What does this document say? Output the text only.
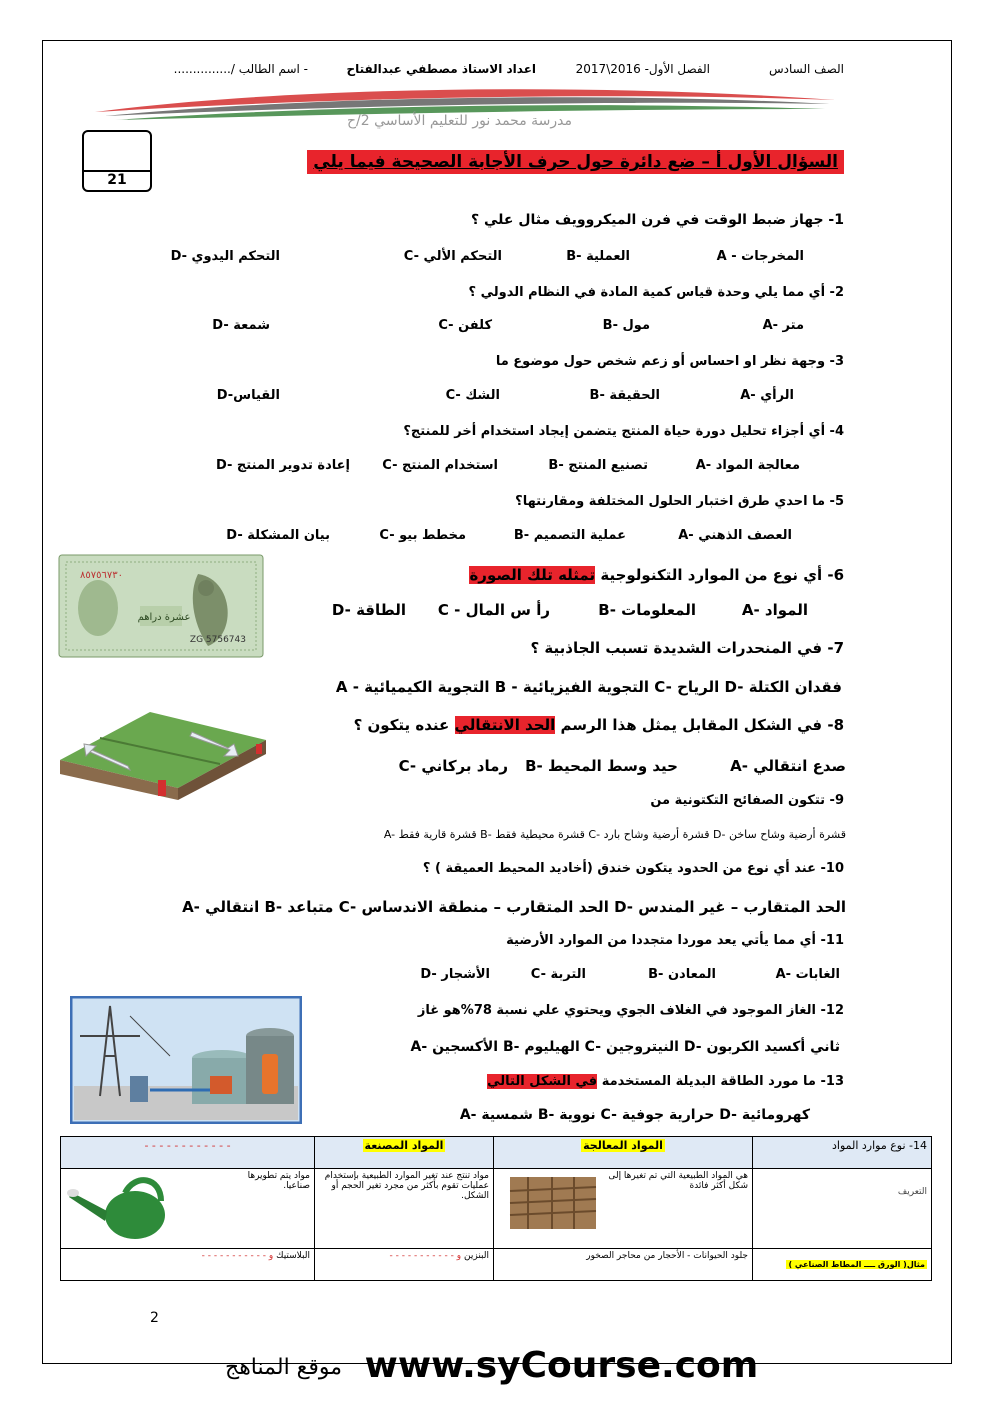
الصف السادس
الفصل الأول- 2016\2017
اعداد الاستاذ مصطفي عبدالفتاح
- اسم الطالب /...............
مدرسة محمد نور للتعليم الأساسي 2/ح
21
السؤال الأول أ – ضع دائرة حول حرف الأجابة الصحيحة فيما يلي
1- جهاز ضبط الوقت في فرن الميكروويف مثال علي ؟
A - المخرجات
B- العملية
C- التحكم الألي
D- التحكم اليدوي
2- أي مما يلي وحدة قياس كمية المادة في النظام الدولي ؟
A- متر
B- مول
C- كلفن
D- شمعة
3- وجهة نظر او احساس أو زعم شخص حول موضوع ما
A- الرأي
B- الحقيقة
C- الشك
D-القياس
4- أي أجزاء تحليل دورة حياة المنتج يتضمن إيجاد استخدام أخر للمنتج؟
A- معالجة المواد
B- تصنيع المنتج
C- استخدام المنتج
D- إعادة تدوير المنتج
5- ما احدي طرق اختبار الحلول المختلفة ومقارنتها؟
A- العصف الذهني
B- عملية التصميم
C- مخطط بيو
D- بيان المشكلة
6- أي نوع من الموارد التكنولوجية تمثله تلك الصورة
٨٥٧٥٦٧٣٠
ZG 5756743
عشرة دراهم	A- المواد
B- المعلومات
C - رأ س المال
D- الطاقة
7- في المنحدرات الشديدة تسبب الجاذبية ؟
A - التجوية الكيميائية B - التجوية الفيزيائية C- الرياح D- فقدان الكتلة
8- في الشكل المقابل يمثل هذا الرسم الحد الانتقالي عنده يتكون ؟
A- صدع انتقالي
B- حيد وسط المحيط
C- رماد بركاني
9- تتكون الصفائح التكتونية من
A- قشرة قارية فقط B- قشرة محيطية فقط C- قشرة أرضية وشاح بارد D- قشرة أرضية وشاح ساخن
10- عند أي نوع من الحدود يتكون خندق (أخاديد المحيط العميقة ) ؟
A- انتقالي B- متباعد C- الحد المتقارب – منطقة الاندساس D- الحد المتقارب – غير المندس
11- أي مما يأتي يعد موردا متجددا من الموارد الأرضية
A- الغابات
B- المعادن
C- التربة
D- الأشجار
12- الغاز الموجود في الغلاف الجوي ويحتوي علي نسبة 78%هو غاز
A- الأكسجين B- الهيليوم C- النيتروجين D- ثاني أكسيد الكربون
13- ما مورد الطاقة البديلة المستخدمة في الشكل التالي
A- شمسية B- نووية C- حرارية جوفية D- كهرومائية
14- نوع موارد المواد	المواد المعالجة	المواد المصنعة	- - - - - - - - - - - -
التعريف	هي المواد الطبيعية التي تم تغيرها إلى شكل أكثر فائدة	مواد تنتج عند تغير الموارد الطبيعية بإستخدام عمليات تقوم بأكثر من مجرد تغير الحجم أو الشكل.	مواد يتم تطويرها صناعيا.

مثال( الورق ــــ المطاط الصناعي )	جلود الحيوانات - الأحجار من محاجر الصخور	البنزين و - - - - - - - - - - -	البلاستيك و - - - - - - - - - - -
2
موقع المناهج www.syCourse.com
